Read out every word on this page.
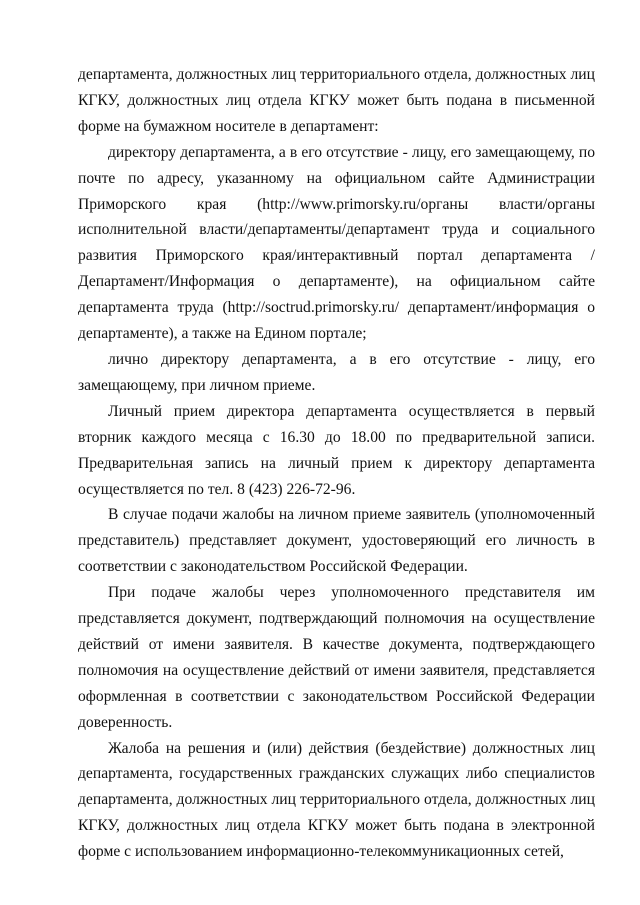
департамента, должностных лиц территориального отдела, должностных лиц КГКУ, должностных лиц отдела КГКУ может быть подана в письменной форме на бумажном носителе в департамент:

директору департамента, а в его отсутствие - лицу, его замещающему, по почте по адресу, указанному на официальном сайте Администрации Приморского края (http://www.primorsky.ru/органы власти/органы исполнительной власти/департаменты/департамент труда и социального развития Приморского края/интерактивный портал департамента /Департамент/Информация о департаменте), на официальном сайте департамента труда (http://soctrud.primorsky.ru/ департамент/информация о департаменте), а также на Едином портале;

лично директору департамента, а в его отсутствие - лицу, его замещающему, при личном приеме.

Личный прием директора департамента осуществляется в первый вторник каждого месяца с 16.30 до 18.00 по предварительной записи. Предварительная запись на личный прием к директору департамента осуществляется по тел. 8 (423) 226-72-96.

В случае подачи жалобы на личном приеме заявитель (уполномоченный представитель) представляет документ, удостоверяющий его личность в соответствии с законодательством Российской Федерации.

При подаче жалобы через уполномоченного представителя им представляется документ, подтверждающий полномочия на осуществление действий от имени заявителя. В качестве документа, подтверждающего полномочия на осуществление действий от имени заявителя, представляется оформленная в соответствии с законодательством Российской Федерации доверенность.

Жалоба на решения и (или) действия (бездействие) должностных лиц департамента, государственных гражданских служащих либо специалистов департамента, должностных лиц территориального отдела, должностных лиц КГКУ, должностных лиц отдела КГКУ может быть подана в электронной форме с использованием информационно-телекоммуникационных сетей,
